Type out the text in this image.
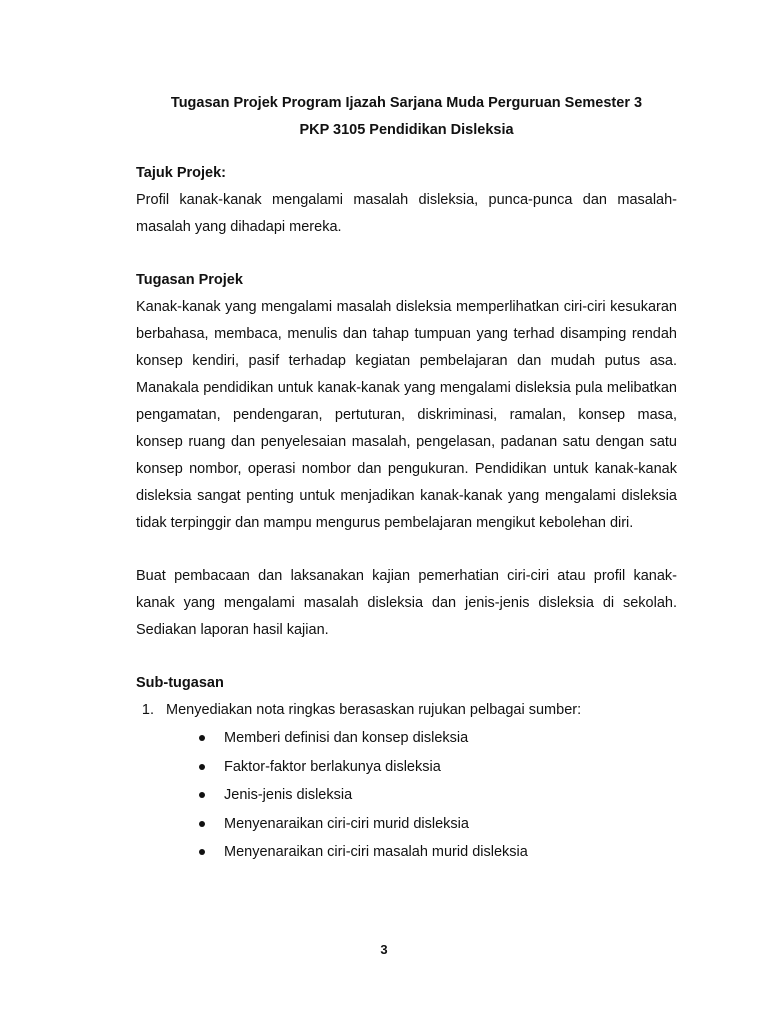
Tugasan Projek Program Ijazah Sarjana Muda Perguruan Semester 3

PKP 3105 Pendidikan Disleksia

Tajuk Projek:

Profil kanak-kanak mengalami masalah disleksia, punca-punca dan masalah-masalah yang dihadapi mereka.

Tugasan Projek

Kanak-kanak yang mengalami masalah disleksia memperlihatkan ciri-ciri kesukaran berbahasa, membaca, menulis dan tahap tumpuan yang terhad disamping rendah konsep kendiri, pasif terhadap kegiatan pembelajaran dan mudah putus asa. Manakala pendidikan untuk kanak-kanak yang mengalami disleksia pula melibatkan pengamatan, pendengaran, pertuturan, diskriminasi, ramalan, konsep masa, konsep ruang dan penyelesaian masalah, pengelasan, padanan satu dengan satu konsep nombor, operasi nombor dan pengukuran. Pendidikan untuk kanak-kanak disleksia sangat penting untuk menjadikan kanak-kanak yang mengalami disleksia tidak terpinggir dan mampu mengurus pembelajaran mengikut kebolehan diri.

Buat pembacaan dan laksanakan kajian pemerhatian ciri-ciri atau profil kanak-kanak yang mengalami masalah disleksia dan jenis-jenis disleksia di sekolah. Sediakan laporan hasil kajian.

Sub-tugasan

1. Menyediakan nota ringkas berasaskan rujukan pelbagai sumber:
Memberi definisi dan konsep disleksia
Faktor-faktor berlakunya disleksia
Jenis-jenis disleksia
Menyenaraikan ciri-ciri murid disleksia
Menyenaraikan ciri-ciri masalah murid disleksia
3
